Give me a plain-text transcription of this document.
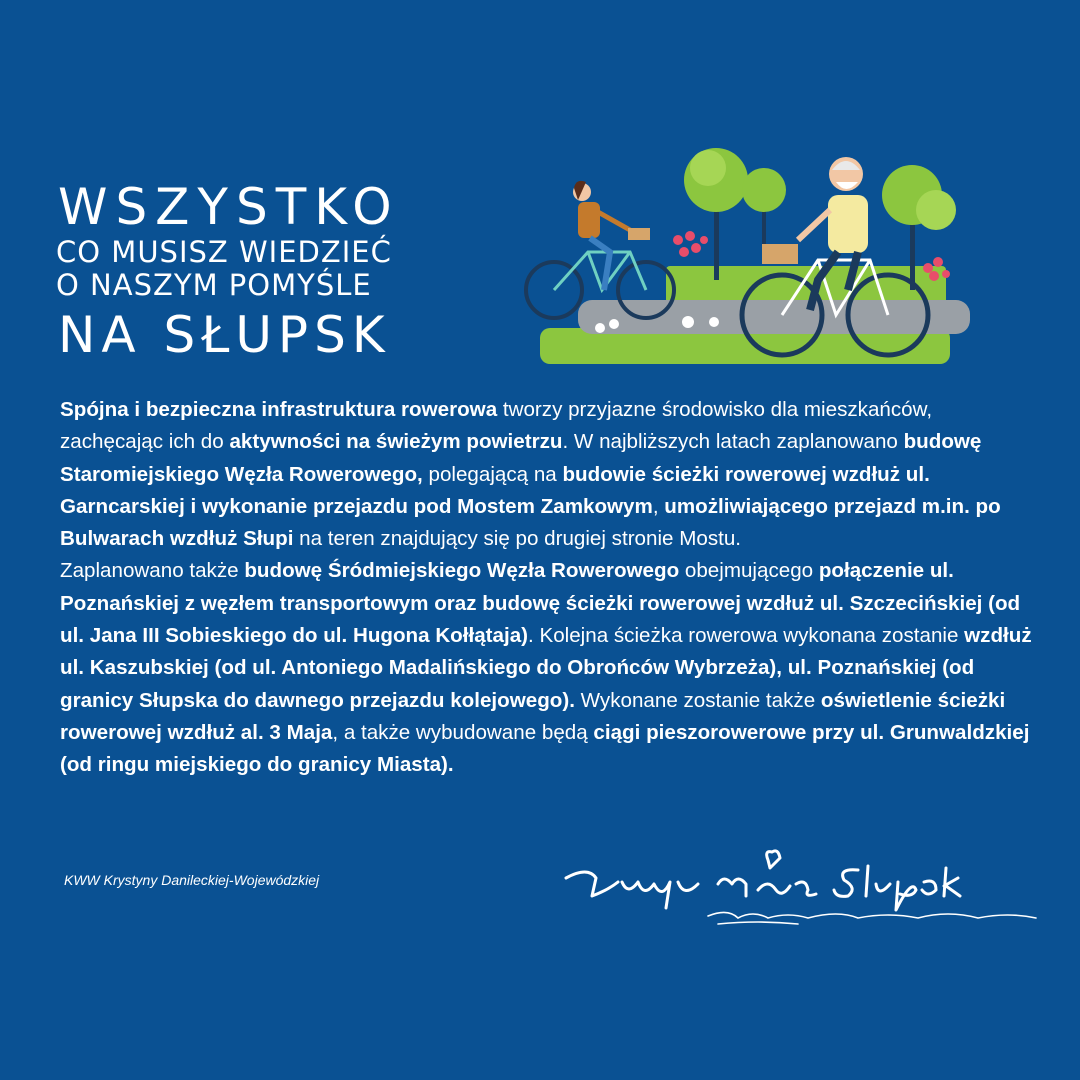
WSZYSTKO
CO MUSISZ WIEDZIEĆ
O NASZYM POMYŚLE
NA SŁUPSK

Spójna i bezpieczna infrastruktura rowerowa tworzy przyjazne środowisko dla mieszkańców, zachęcając ich do aktywności na świeżym powietrzu. W najbliższych latach zaplanowano budowę Staromiejskiego Węzła Rowerowego, polegającą na budowie ścieżki rowerowej wzdłuż ul. Garncarskiej i wykonanie przejazdu pod Mostem Zamkowym, umożliwiającego przejazd m.in. po Bulwarach wzdłuż Słupi na teren znajdujący się po drugiej stronie Mostu.

Zaplanowano także budowę Śródmiejskiego Węzła Rowerowego obejmującego połączenie ul. Poznańskiej z węzłem transportowym oraz budowę ścieżki rowerowej wzdłuż ul. Szczecińskiej (od ul. Jana III Sobieskiego do ul. Hugona Kołłątaja). Kolejna ścieżka rowerowa wykonana zostanie wzdłuż ul. Kaszubskiej (od ul. Antoniego Madalińskiego do Obrońców Wybrzeża), ul. Poznańskiej (od granicy Słupska do dawnego przejazdu kolejowego). Wykonane zostanie także oświetlenie ścieżki rowerowej wzdłuż al. 3 Maja, a także wybudowane będą ciągi pieszorowerowe przy ul. Grunwaldzkiej (od ringu miejskiego do granicy Miasta).

KWW Krystyny Danileckiej-Wojewódzkiej
